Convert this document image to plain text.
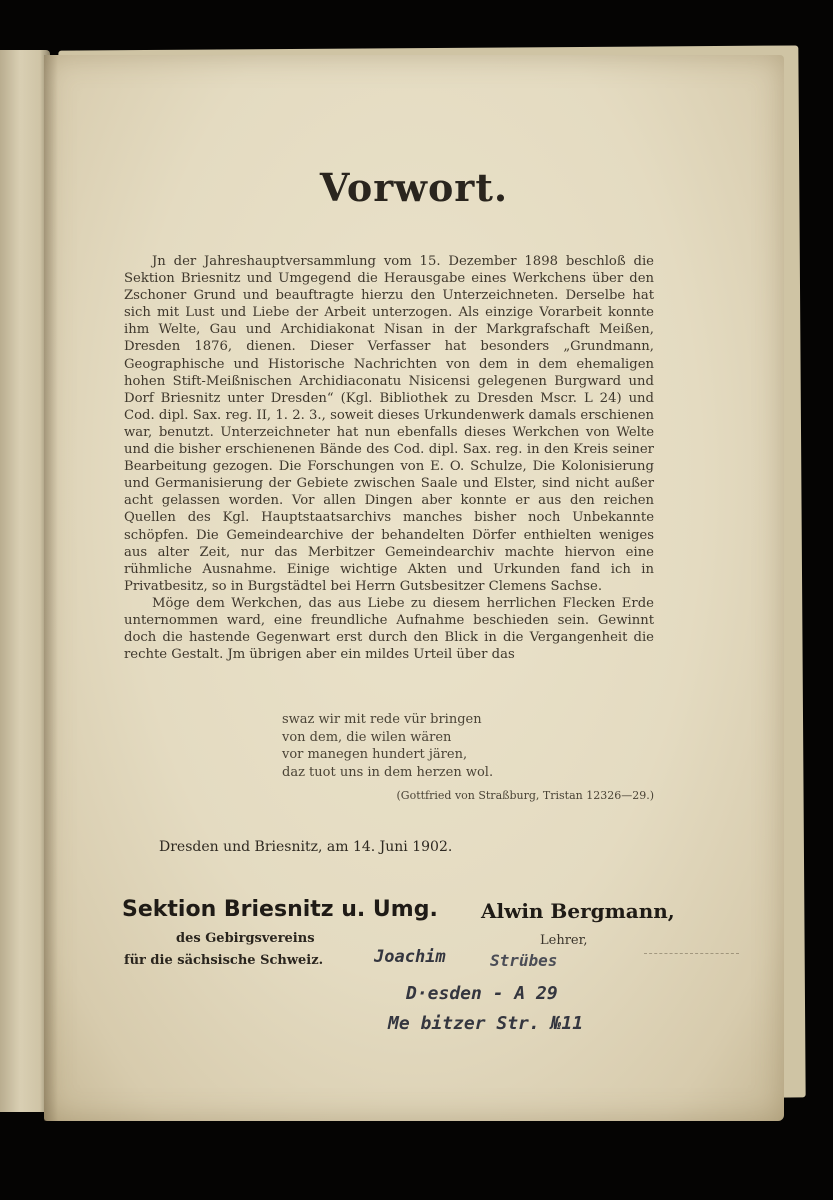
Vorwort.

Jn der Jahreshauptversammlung vom 15. Dezember 1898 beschloß die Sektion Briesnitz und Umgegend die Herausgabe eines Werkchens über den Zschoner Grund und beauftragte hierzu den Unterzeichneten. Derselbe hat sich mit Lust und Liebe der Arbeit unterzogen. Als einzige Vorarbeit konnte ihm Welte, Gau und Archidiakonat Nisan in der Markgrafschaft Meißen, Dresden 1876, dienen. Dieser Verfasser hat besonders „Grundmann, Geographische und Historische Nachrichten von dem in dem ehemaligen hohen Stift-Meißnischen Archidiaconatu Nisicensi gelegenen Burgward und Dorf Briesnitz unter Dresden“ (Kgl. Bibliothek zu Dresden Mscr. L 24) und Cod. dipl. Sax. reg. II, 1. 2. 3., soweit dieses Urkundenwerk damals erschienen war, benutzt. Unterzeichneter hat nun ebenfalls dieses Werkchen von Welte und die bisher erschienenen Bände des Cod. dipl. Sax. reg. in den Kreis seiner Bearbeitung gezogen. Die Forschungen von E. O. Schulze, Die Kolonisierung und Germanisierung der Gebiete zwischen Saale und Elster, sind nicht außer acht gelassen worden. Vor allen Dingen aber konnte er aus den reichen Quellen des Kgl. Hauptstaatsarchivs manches bisher noch Unbekannte schöpfen. Die Gemeindearchive der behandelten Dörfer enthielten weniges aus alter Zeit, nur das Merbitzer Gemeindearchiv machte hiervon eine rühmliche Ausnahme. Einige wichtige Akten und Urkunden fand ich in Privatbesitz, so in Burgstädtel bei Herrn Gutsbesitzer Clemens Sachse.

Möge dem Werkchen, das aus Liebe zu diesem herrlichen Flecken Erde unternommen ward, eine freundliche Aufnahme beschieden sein. Gewinnt doch die hastende Gegenwart erst durch den Blick in die Vergangenheit die rechte Gestalt. Jm übrigen aber ein mildes Urteil über das

swaz wir mit rede vür bringen
von dem, die wilen wären
vor manegen hundert jären,
daz tuot uns in dem herzen wol.
(Gottfried von Straßburg, Tristan 12326—29.)
Dresden und Briesnitz, am 14. Juni 1902.
Sektion Briesnitz u. Umg.
des Gebirgsvereins
für die sächsische Schweiz.
Alwin Bergmann,
Lehrer,
Joachim	Strübes
D·esden - A 29
Me bitzer Str. №11
